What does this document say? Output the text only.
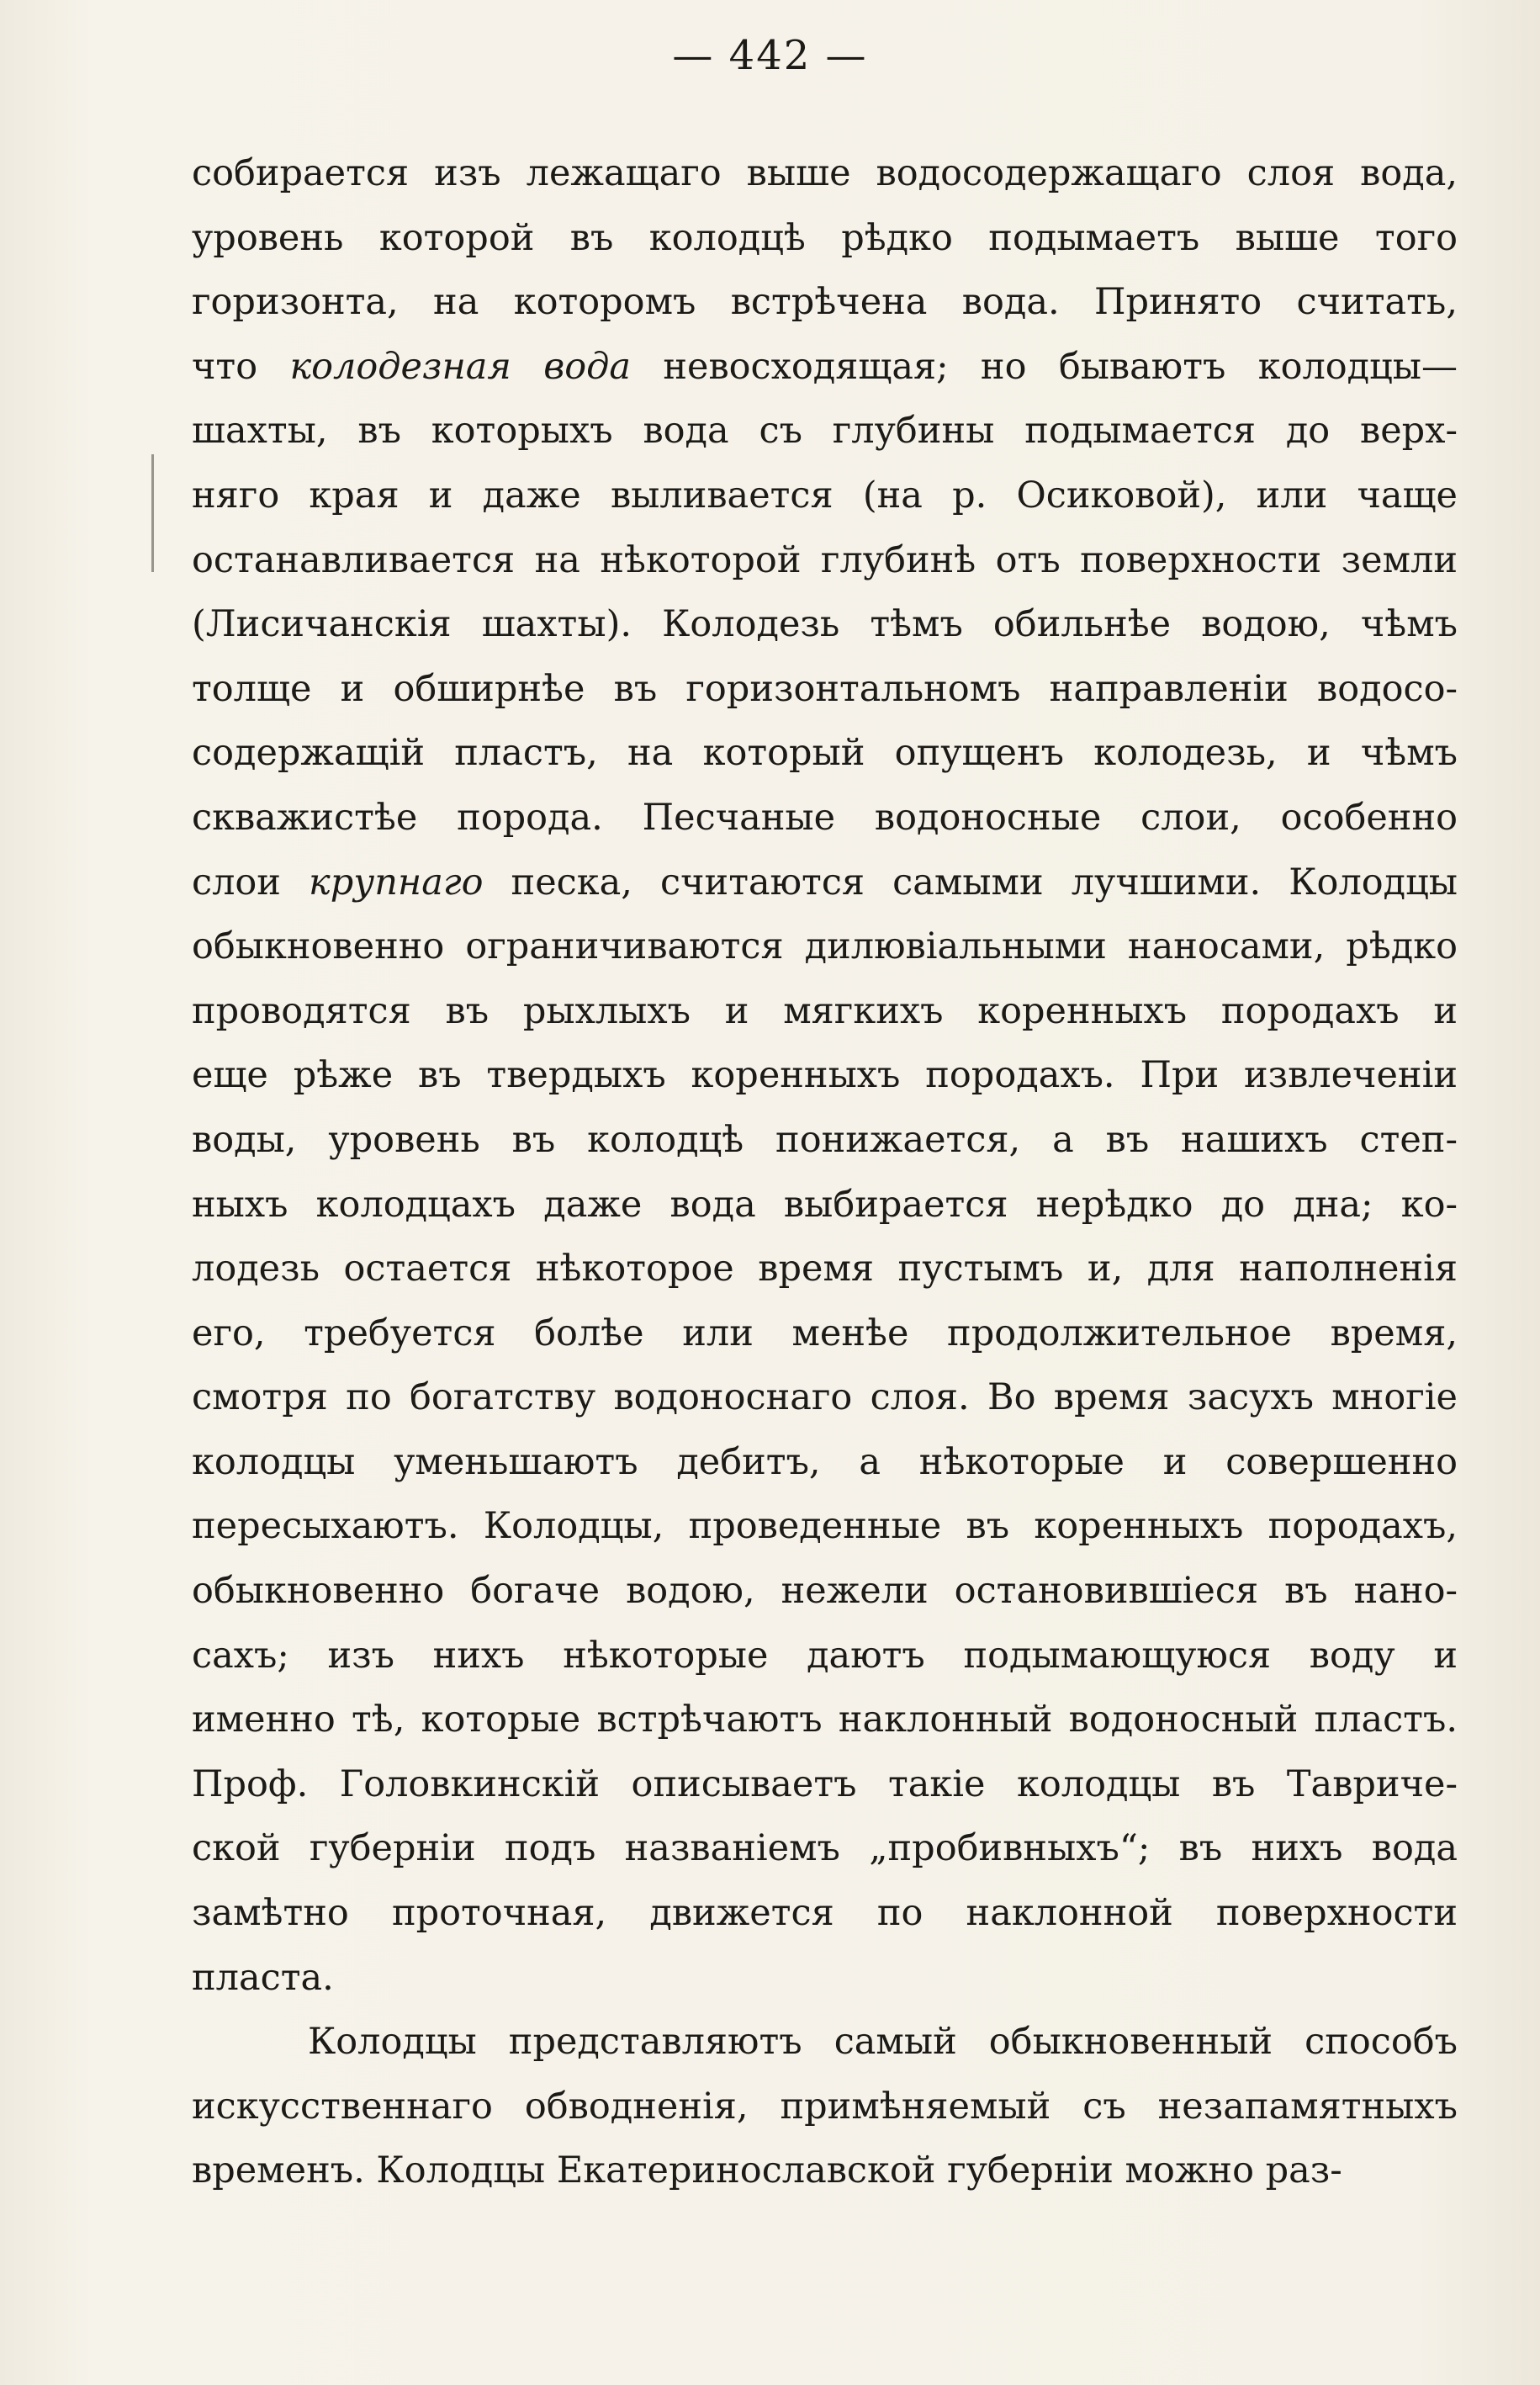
— 442 —
собирается изъ лежащаго выше водосодержащаго слоя вода,
уровень которой въ колодцѣ рѣдко подымаетъ выше того
горизонта, на которомъ встрѣчена вода. Принято считать,
что колодезная вода невосходящая; но бываютъ колодцы—
шахты, въ которыхъ вода съ глубины подымается до верх-
няго края и даже выливается (на р. Осиковой), или чаще
останавливается на нѣкоторой глубинѣ отъ поверхности земли
(Лисичанскія шахты). Колодезь тѣмъ обильнѣе водою, чѣмъ
толще и обширнѣе въ горизонтальномъ направленіи водосо-
содержащій пластъ, на который опущенъ колодезь, и чѣмъ
скважистѣе порода. Песчаные водоносные слои, особенно
слои крупнаго песка, считаются самыми лучшими. Колодцы
обыкновенно ограничиваются дилювіальными наносами, рѣдко
проводятся въ рыхлыхъ и мягкихъ коренныхъ породахъ и
еще рѣже въ твердыхъ коренныхъ породахъ. При извлеченіи
воды, уровень въ колодцѣ понижается, а въ нашихъ степ-
ныхъ колодцахъ даже вода выбирается нерѣдко до дна; ко-
лодезь остается нѣкоторое время пустымъ и, для наполненія
его, требуется болѣе или менѣе продолжительное время,
смотря по богатству водоноснаго слоя. Во время засухъ многіе
колодцы уменьшаютъ дебитъ, а нѣкоторые и совершенно
пересыхаютъ. Колодцы, проведенные въ коренныхъ породахъ,
обыкновенно богаче водою, нежели остановившіеся въ нано-
сахъ; изъ нихъ нѣкоторые даютъ подымающуюся воду и
именно тѣ, которые встрѣчаютъ наклонный водоносный пластъ.
Проф. Головкинскій описываетъ такіе колодцы въ Тавриче-
ской губерніи подъ названіемъ „пробивныхъ“; въ нихъ вода
замѣтно проточная, движется по наклонной поверхности
пласта.
Колодцы представляютъ самый обыкновенный способъ
искусственнаго обводненія, примѣняемый съ незапамятныхъ
временъ. Колодцы Екатеринославской губерніи можно раз-
